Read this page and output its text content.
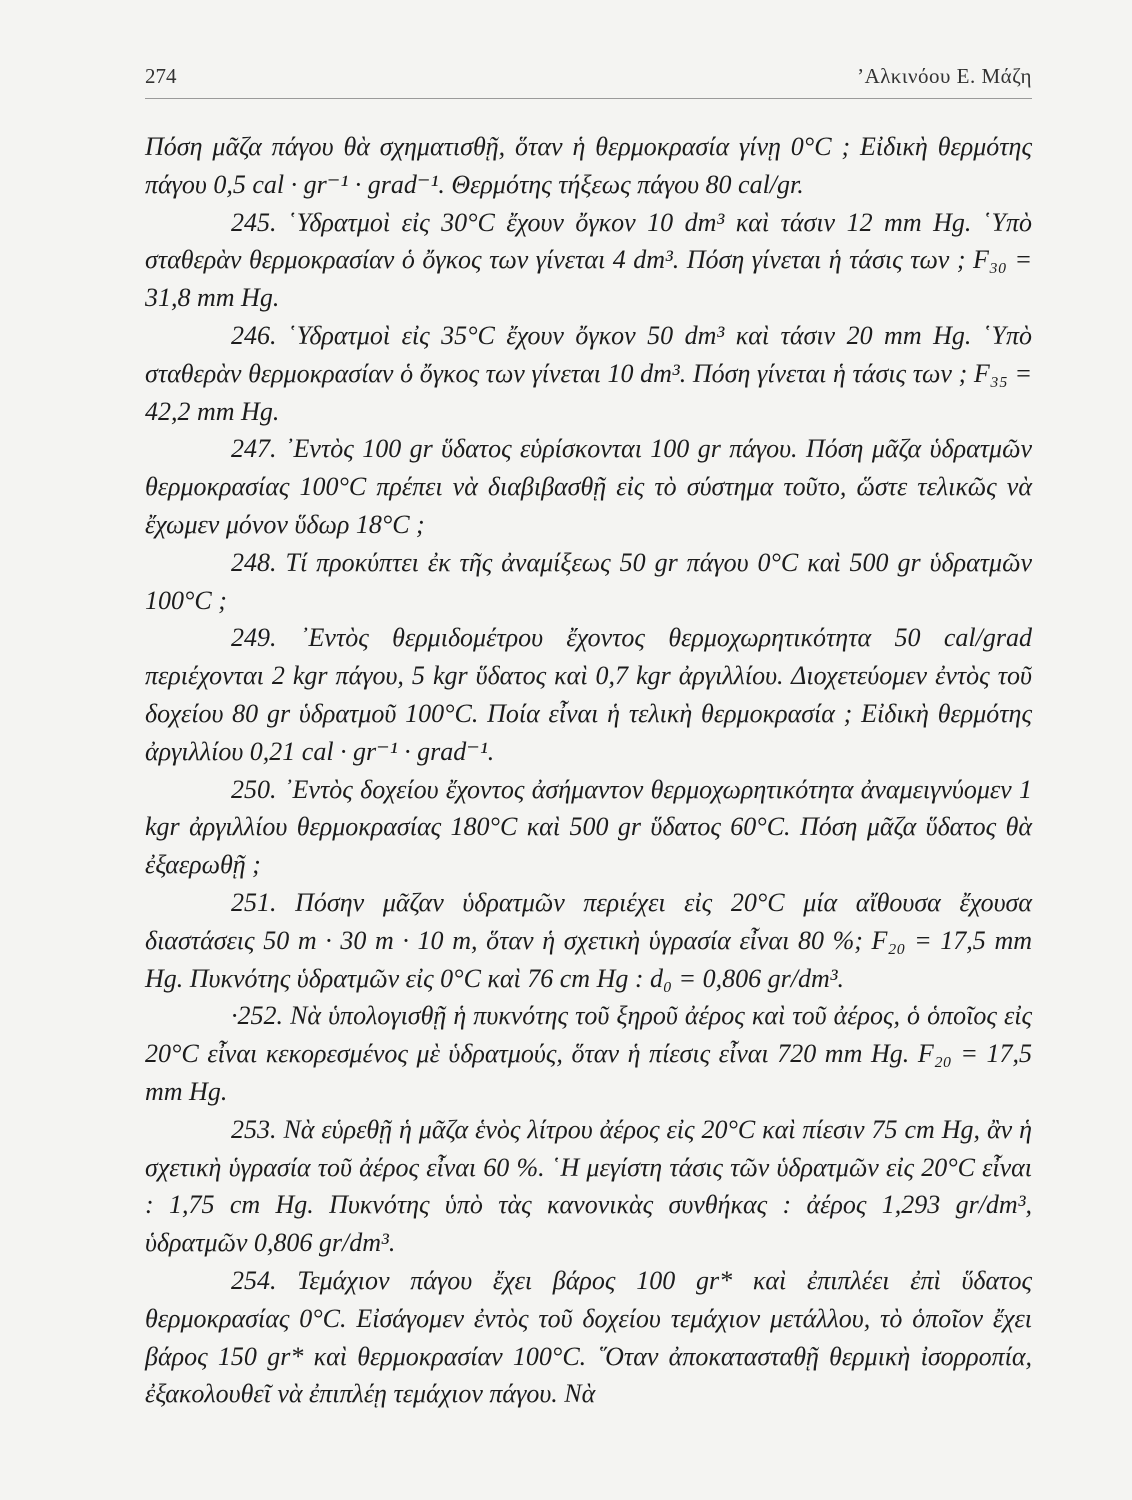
274	’Αλκινόου Ε. Μάζη

Πόση μᾶζα πάγου θὰ σχηματισθῇ, ὅταν ἡ θερμοκρασία γίνῃ 0°C ; Εἰδικὴ θερμότης πάγου 0,5 cal · gr⁻¹ · grad⁻¹. Θερμότης τήξεως πάγου 80 cal/gr.

245. ῾Υδρατμοὶ εἰς 30°C ἔχουν ὄγκον 10 dm³ καὶ τάσιν 12 mm Hg. ῾Υπὸ σταθερὰν θερμοκρασίαν ὁ ὄγκος των γίνεται 4 dm³. Πόση γίνεται ἡ τάσις των ; F₃₀ = 31,8 mm Hg.

246. ῾Υδρατμοὶ εἰς 35°C ἔχουν ὄγκον 50 dm³ καὶ τάσιν 20 mm Hg. ῾Υπὸ σταθερὰν θερμοκρασίαν ὁ ὄγκος των γίνεται 10 dm³. Πόση γίνεται ἡ τάσις των ; F₃₅ = 42,2 mm Hg.

247. ᾿Εντὸς 100 gr ὕδατος εὑρίσκονται 100 gr πάγου. Πόση μᾶζα ὑδρατμῶν θερμοκρασίας 100°C πρέπει νὰ διαβιβασθῇ εἰς τὸ σύστημα τοῦτο, ὥστε τελικῶς νὰ ἔχωμεν μόνον ὕδωρ 18°C ;

248. Τί προκύπτει ἐκ τῆς ἀναμίξεως 50 gr πάγου 0°C καὶ 500 gr ὑδρατμῶν 100°C ;

249. ᾿Εντὸς θερμιδομέτρου ἔχοντος θερμοχωρητικότητα 50 cal/grad περιέχονται 2 kgr πάγου, 5 kgr ὕδατος καὶ 0,7 kgr ἀργιλλίου. Διοχετεύομεν ἐντὸς τοῦ δοχείου 80 gr ὑδρατμοῦ 100°C. Ποία εἶναι ἡ τελικὴ θερμοκρασία ; Εἰδικὴ θερμότης ἀργιλλίου 0,21 cal · gr⁻¹ · grad⁻¹.

250. ᾿Εντὸς δοχείου ἔχοντος ἀσήμαντον θερμοχωρητικότητα ἀναμειγνύομεν 1 kgr ἀργιλλίου θερμοκρασίας 180°C καὶ 500 gr ὕδατος 60°C. Πόση μᾶζα ὕδατος θὰ ἐξαερωθῇ ;

251. Πόσην μᾶζαν ὑδρατμῶν περιέχει εἰς 20°C μία αἴθουσα ἔχουσα διαστάσεις 50 m · 30 m · 10 m, ὅταν ἡ σχετικὴ ὑγρασία εἶναι 80 %; F₂₀ = 17,5 mm Hg. Πυκνότης ὑδρατμῶν εἰς 0°C καὶ 76 cm Hg : d₀ = 0,806 gr/dm³.

·252. Νὰ ὑπολογισθῇ ἡ πυκνότης τοῦ ξηροῦ ἀέρος καὶ τοῦ ἀέρος, ὁ ὁποῖος εἰς 20°C εἶναι κεκορεσμένος μὲ ὑδρατμούς, ὅταν ἡ πίεσις εἶναι 720 mm Hg. F₂₀ = 17,5 mm Hg.

253. Νὰ εὑρεθῇ ἡ μᾶζα ἑνὸς λίτρου ἀέρος εἰς 20°C καὶ πίεσιν 75 cm Hg, ἂν ἡ σχετικὴ ὑγρασία τοῦ ἀέρος εἶναι 60 %. ῾Η μεγίστη τάσις τῶν ὑδρατμῶν εἰς 20°C εἶναι : 1,75 cm Hg. Πυκνότης ὑπὸ τὰς κανονικὰς συνθήκας : ἀέρος 1,293 gr/dm³, ὑδρατμῶν 0,806 gr/dm³.

254. Τεμάχιον πάγου ἔχει βάρος 100 gr* καὶ ἐπιπλέει ἐπὶ ὕδατος θερμοκρασίας 0°C. Εἰσάγομεν ἐντὸς τοῦ δοχείου τεμάχιον μετάλλου, τὸ ὁποῖον ἔχει βάρος 150 gr* καὶ θερμοκρασίαν 100°C. ῞Οταν ἀποκατασταθῇ θερμικὴ ἰσορροπία, ἐξακολουθεῖ νὰ ἐπιπλέῃ τεμάχιον πάγου. Νὰ
